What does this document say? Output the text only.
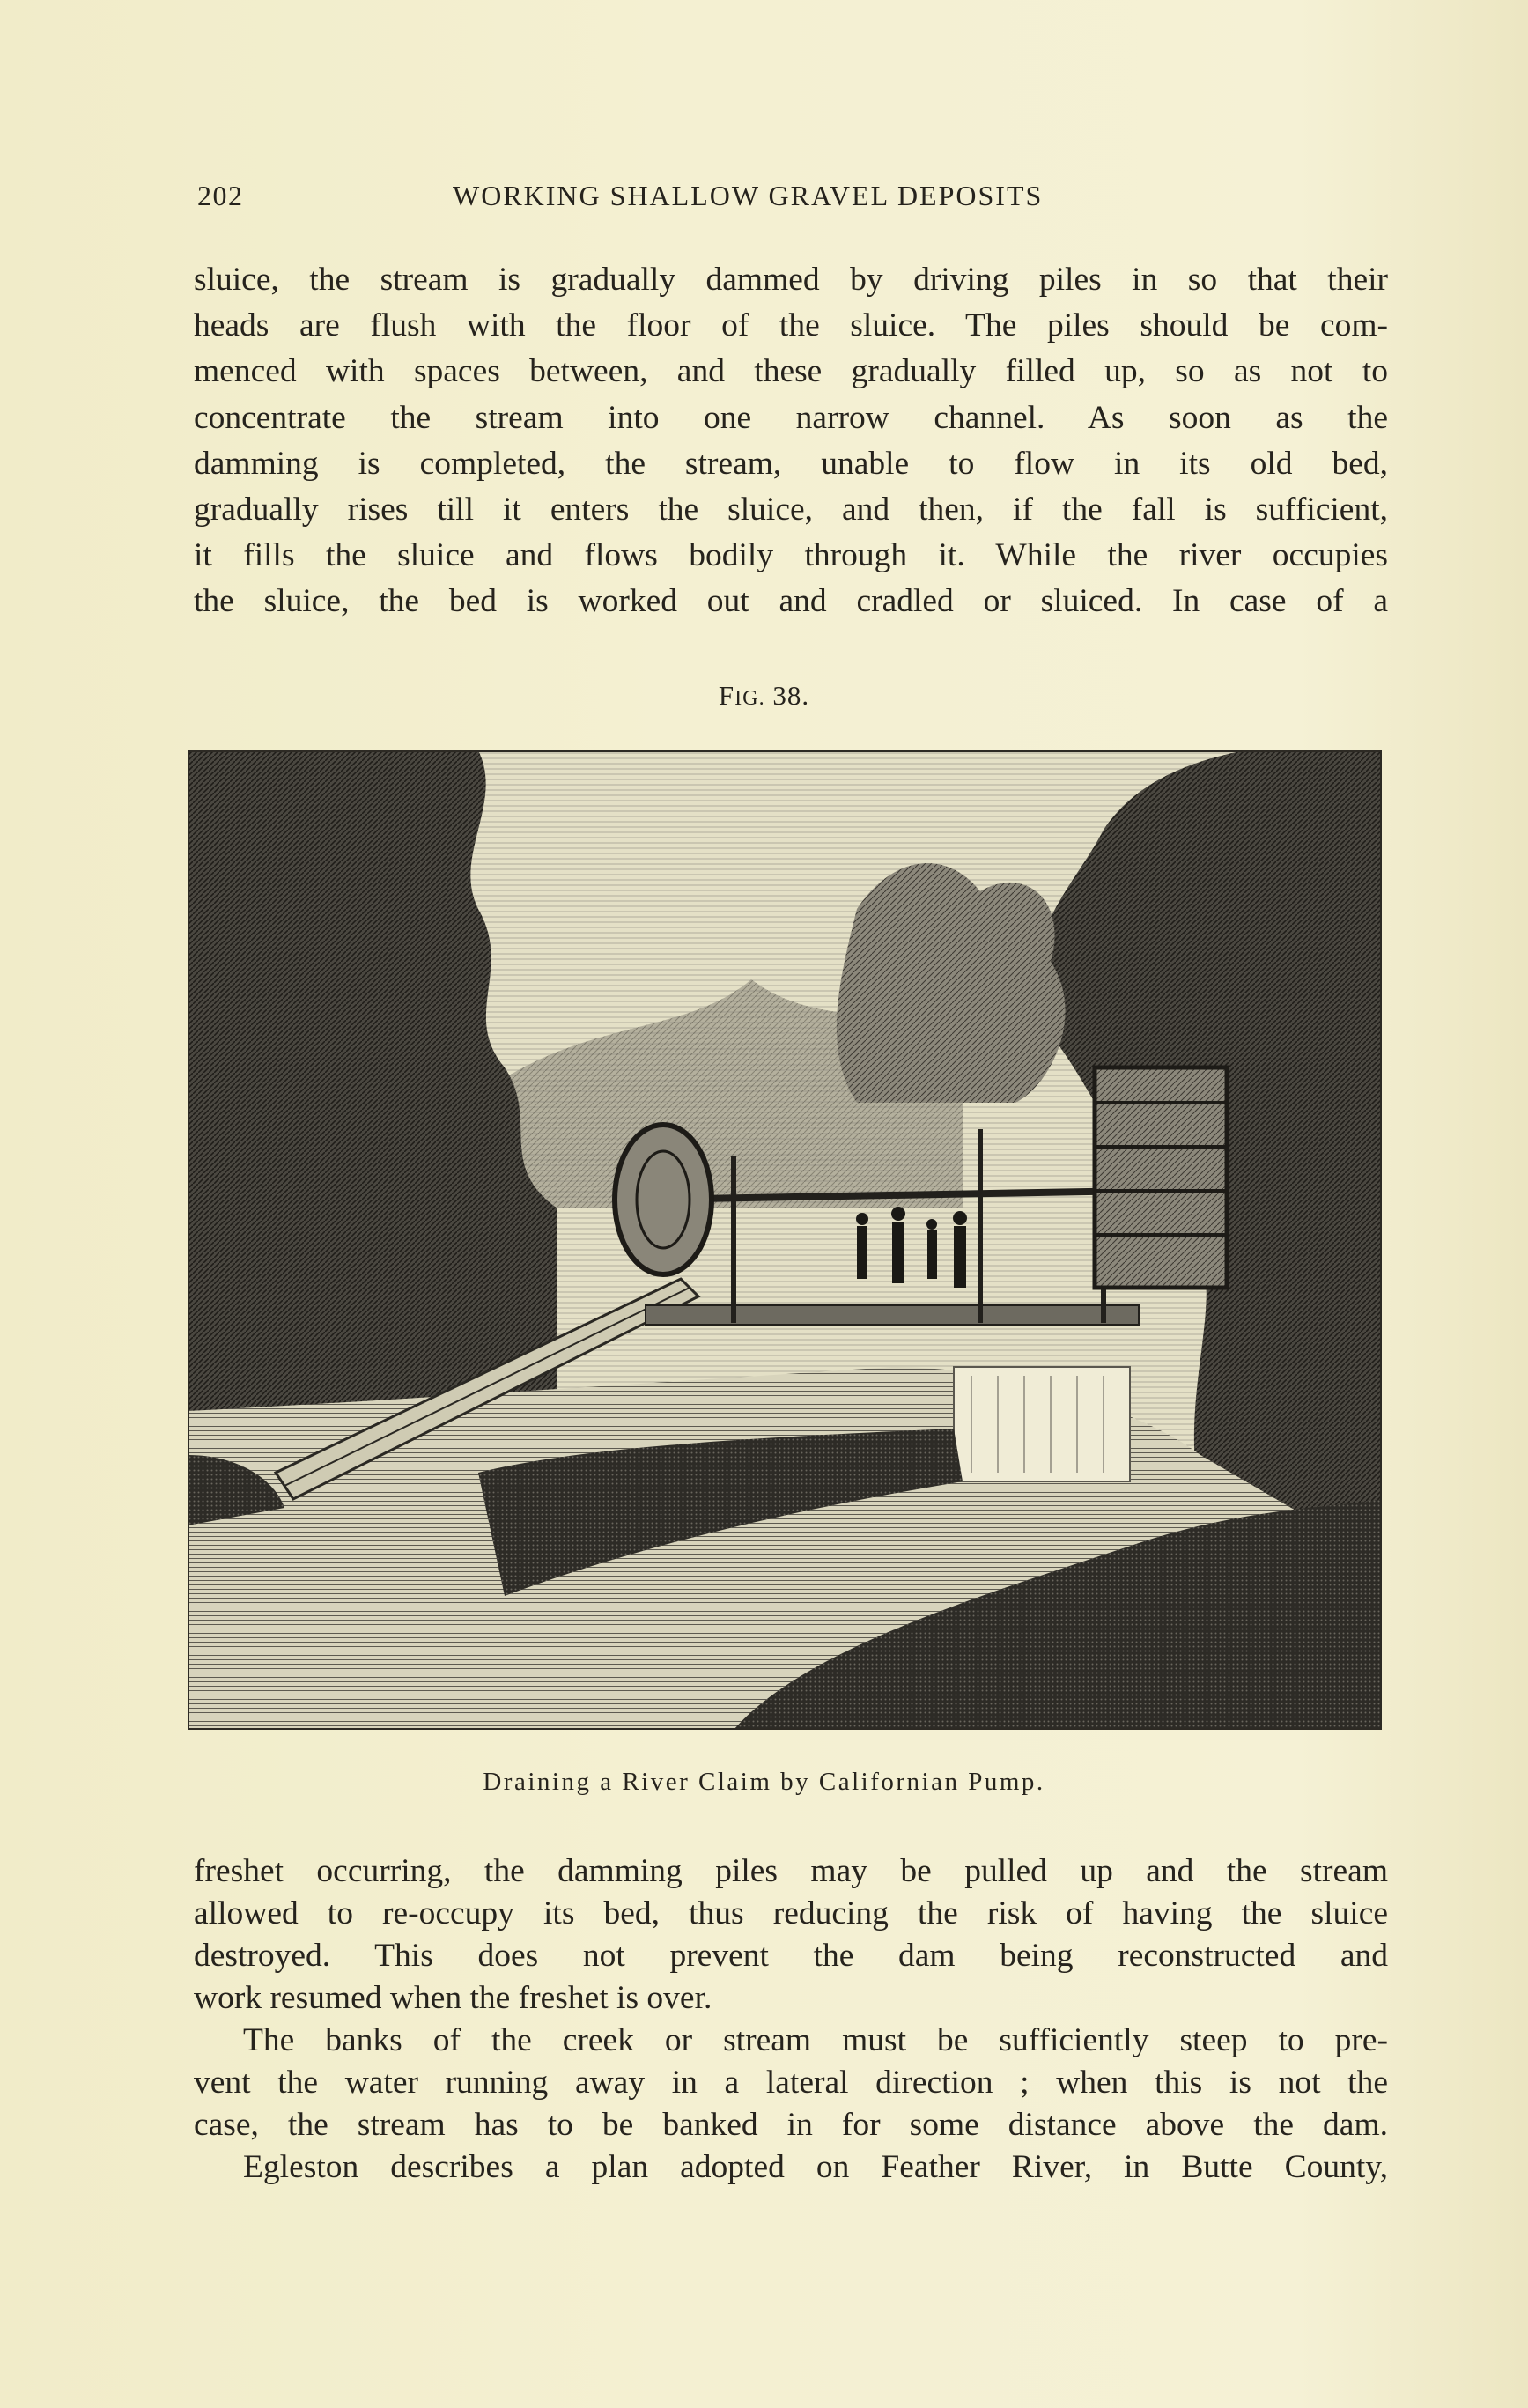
202	WORKING SHALLOW GRAVEL DEPOSITS
sluice, the stream is gradually dammed by driving piles in so that their
heads are flush with the floor of the sluice. The piles should be com-
menced with spaces between, and these gradually filled up, so as not to
concentrate the stream into one narrow channel. As soon as the
damming is completed, the stream, unable to flow in its old bed,
gradually rises till it enters the sluice, and then, if the fall is sufficient,
it fills the sluice and flows bodily through it. While the river occupies
the sluice, the bed is worked out and cradled or sluiced. In case of a
FIG. 38.
Draining a River Claim by Californian Pump.
freshet occurring, the damming piles may be pulled up and the stream
allowed to re-occupy its bed, thus reducing the risk of having the sluice
destroyed. This does not prevent the dam being reconstructed and
work resumed when the freshet is over.
The banks of the creek or stream must be sufficiently steep to pre-
vent the water running away in a lateral direction ; when this is not the
case, the stream has to be banked in for some distance above the dam.
Egleston describes a plan adopted on Feather River, in Butte County,
